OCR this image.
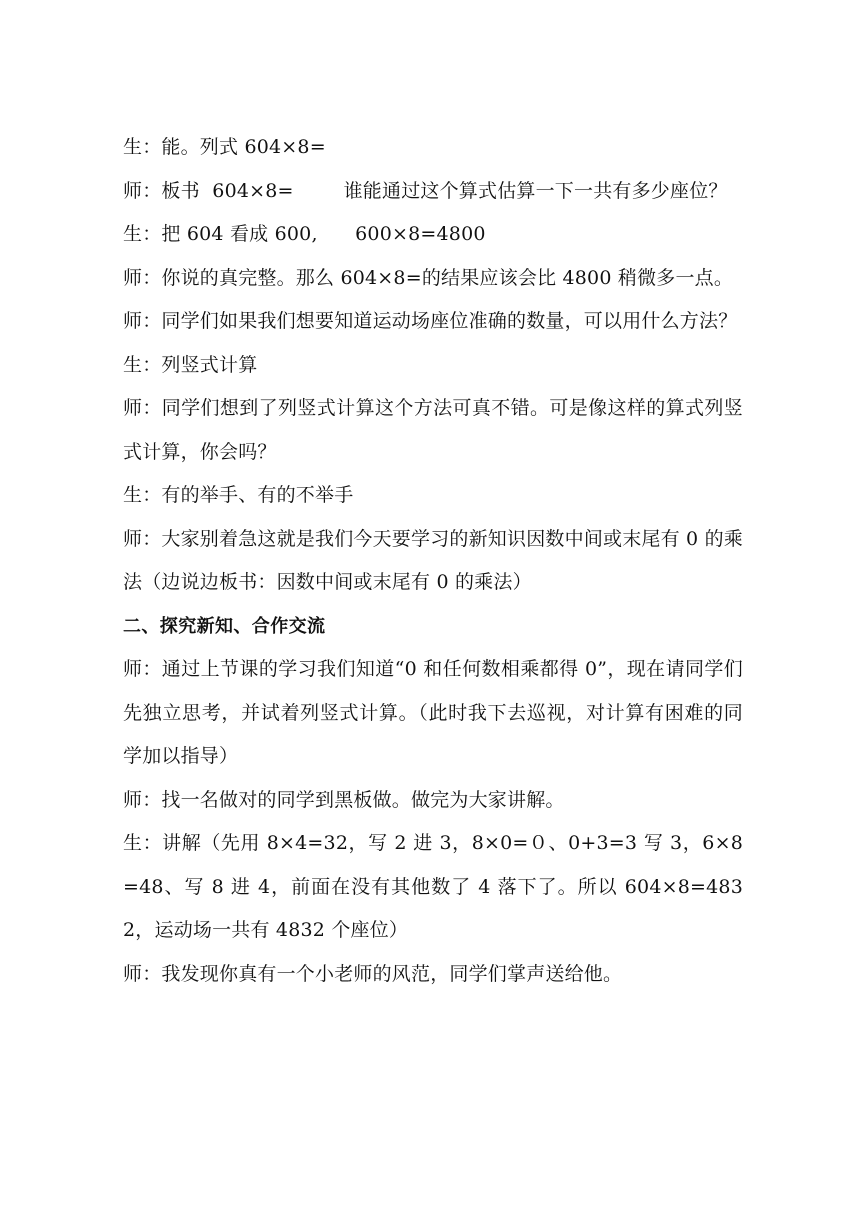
生：能。列式 604×8=

师：板书  604×8=        谁能通过这个算式估算一下一共有多少座位？

生：把 604 看成 600,      600×8=4800

师：你说的真完整。那么 604×8=的结果应该会比 4800 稍微多一点。

师：同学们如果我们想要知道运动场座位准确的数量，可以用什么方法？

生：列竖式计算

师：同学们想到了列竖式计算这个方法可真不错。可是像这样的算式列竖式计算，你会吗？

生：有的举手、有的不举手

师：大家别着急这就是我们今天要学习的新知识因数中间或末尾有 0 的乘法（边说边板书：因数中间或末尾有 0 的乘法）

二、探究新知、合作交流

师：通过上节课的学习我们知道“0 和任何数相乘都得 0”，现在请同学们先独立思考，并试着列竖式计算。（此时我下去巡视，对计算有困难的同学加以指导）

师：找一名做对的同学到黑板做。做完为大家讲解。

生：讲解（先用 8×4=32，写 2 进 3，8×0=０、0+3=3 写 3，6×8=48、写 8 进 4，前面在没有其他数了 4 落下了。所以 604×8=4832，运动场一共有 4832 个座位）

师：我发现你真有一个小老师的风范，同学们掌声送给他。
